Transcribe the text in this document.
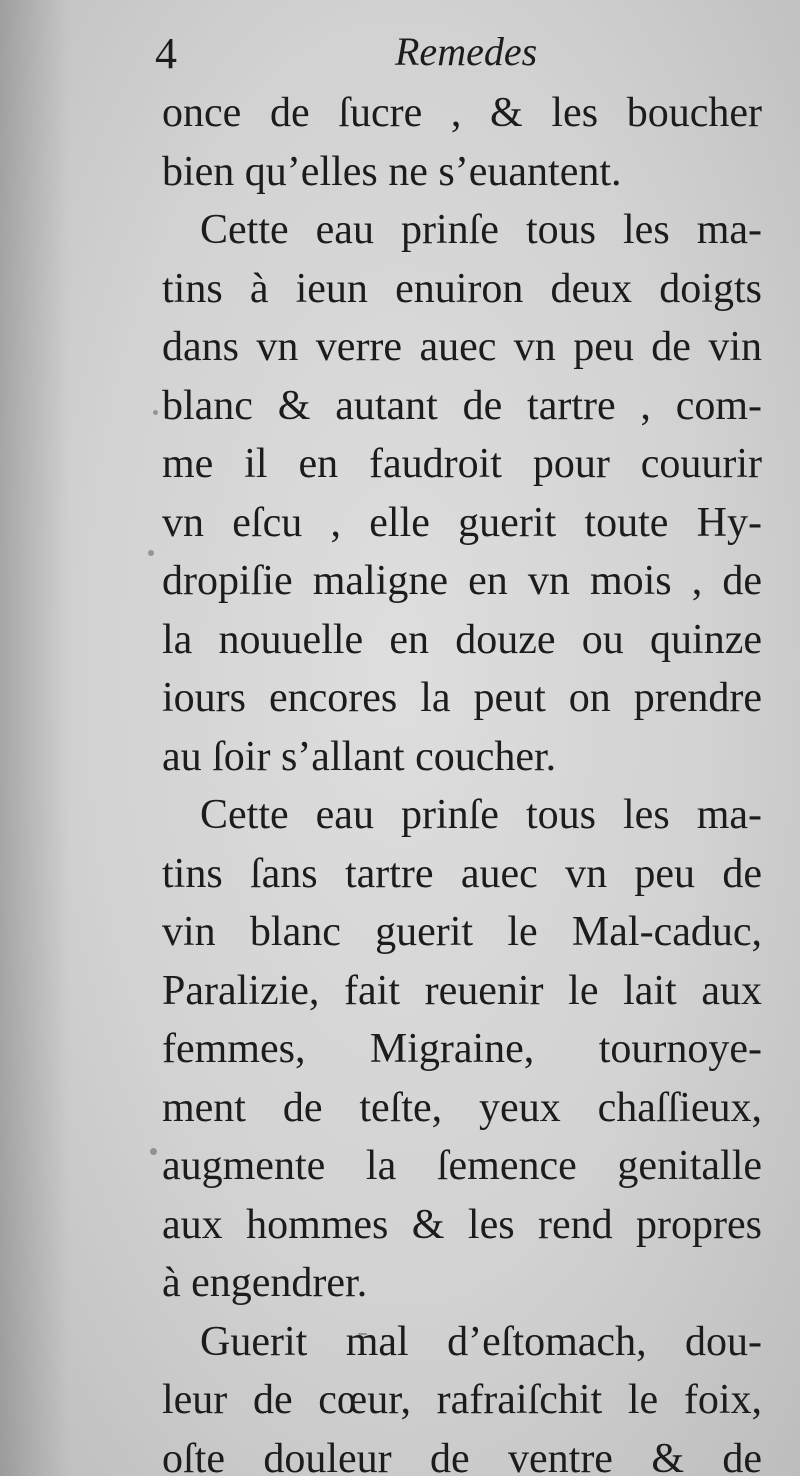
4	Remedes
once de ſucre , & les boucher
bien qu’elles ne s’euantent.
Cette eau prinſe tous les ma-
tins à ieun enuiron deux doigts
dans vn verre auec vn peu de vin
blanc & autant de tartre , com-
me il en faudroit pour couurir
vn eſcu , elle guerit toute Hy-
dropiſie maligne en vn mois , de
la nouuelle en douze ou quinze
iours encores la peut on prendre
au ſoir s’allant coucher.
Cette eau prinſe tous les ma-
tins ſans tartre auec vn peu de
vin blanc guerit le Mal-caduc,
Paralizie, fait reuenir le lait aux
femmes, Migraine, tournoye-
ment de teſte, yeux chaſſieux,
augmente la ſemence genitalle
aux hommes & les rend propres
à engendrer.
Guerit mal d’eſtomach, dou-
leur de cœur, rafraiſchit le foix,
oſte douleur de ventre & de
